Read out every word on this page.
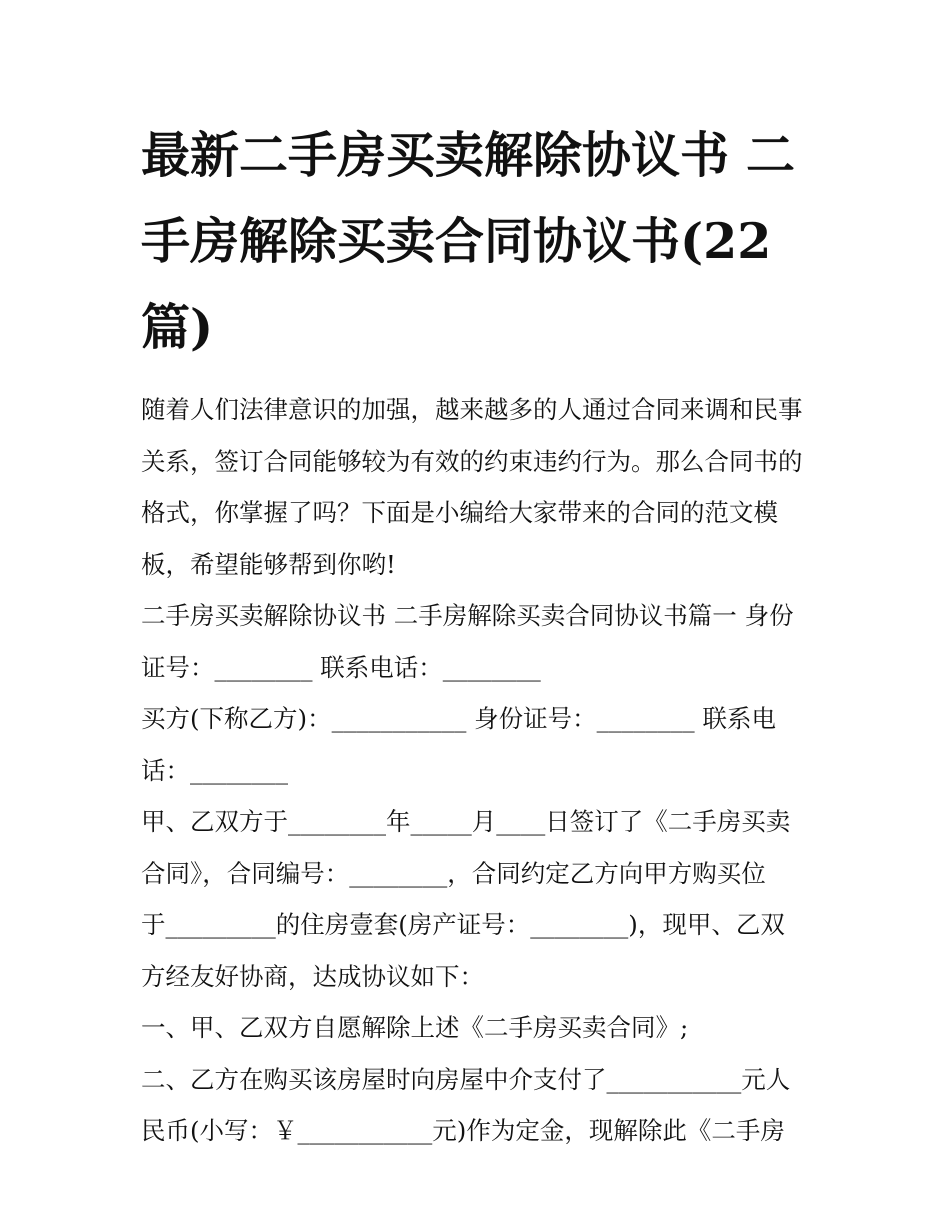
最新二手房买卖解除协议书 二
手房解除买卖合同协议书(22
篇)
随着人们法律意识的加强，越来越多的人通过合同来调和民事
关系，签订合同能够较为有效的约束违约行为。那么合同书的
格式，你掌握了吗？下面是小编给大家带来的合同的范文模
板，希望能够帮到你哟!
二手房买卖解除协议书 二手房解除买卖合同协议书篇一 身份
证号：________ 联系电话：________
买方(下称乙方)：___________ 身份证号：________ 联系电
话：________
甲、乙双方于________年_____月____日签订了《二手房买卖
合同》，合同编号：________，合同约定乙方向甲方购买位
于_________的住房壹套(房产证号：________)，现甲、乙双
方经友好协商，达成协议如下：
一、甲、乙双方自愿解除上述《二手房买卖合同》;
二、乙方在购买该房屋时向房屋中介支付了___________元人
民币(小写：￥___________元)作为定金，现解除此《二手房
